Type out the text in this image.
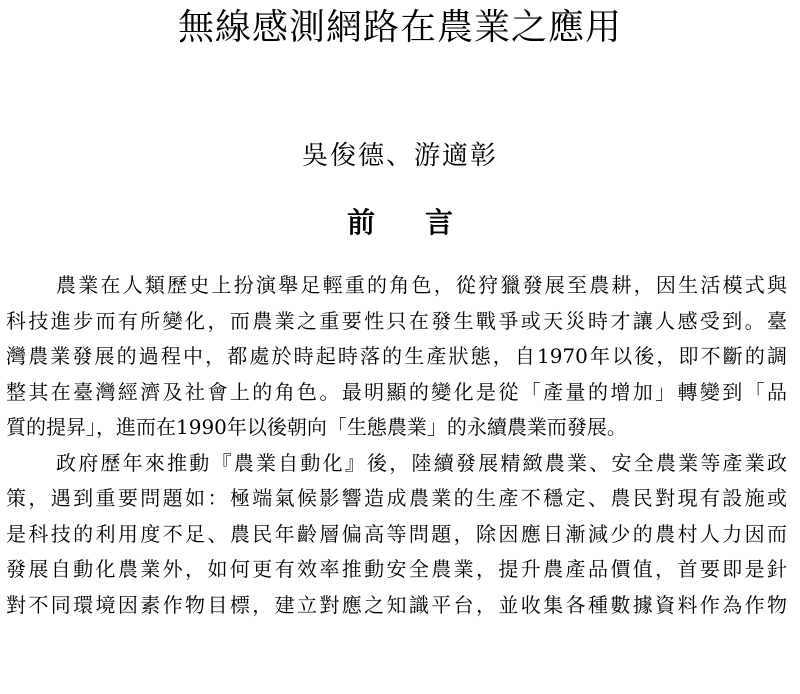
無線感測網路在農業之應用
吳俊德、游適彰
前言

農業在人類歷史上扮演舉足輕重的角色，從狩獵發展至農耕，因生活模式與
科技進步而有所變化，而農業之重要性只在發生戰爭或天災時才讓人感受到。臺
灣農業發展的過程中，都處於時起時落的生產狀態，自1970年以後，即不斷的調
整其在臺灣經濟及社會上的角色。最明顯的變化是從「產量的增加」轉變到「品
質的提昇」，進而在1990年以後朝向「生態農業」的永續農業而發展。

政府歷年來推動『農業自動化』後，陸續發展精緻農業、安全農業等產業政
策，遇到重要問題如：極端氣候影響造成農業的生產不穩定、農民對現有設施或
是科技的利用度不足、農民年齡層偏高等問題，除因應日漸減少的農村人力因而
發展自動化農業外，如何更有效率推動安全農業，提升農產品價值，首要即是針
對不同環境因素作物目標，建立對應之知識平台，並收集各種數據資料作為作物
